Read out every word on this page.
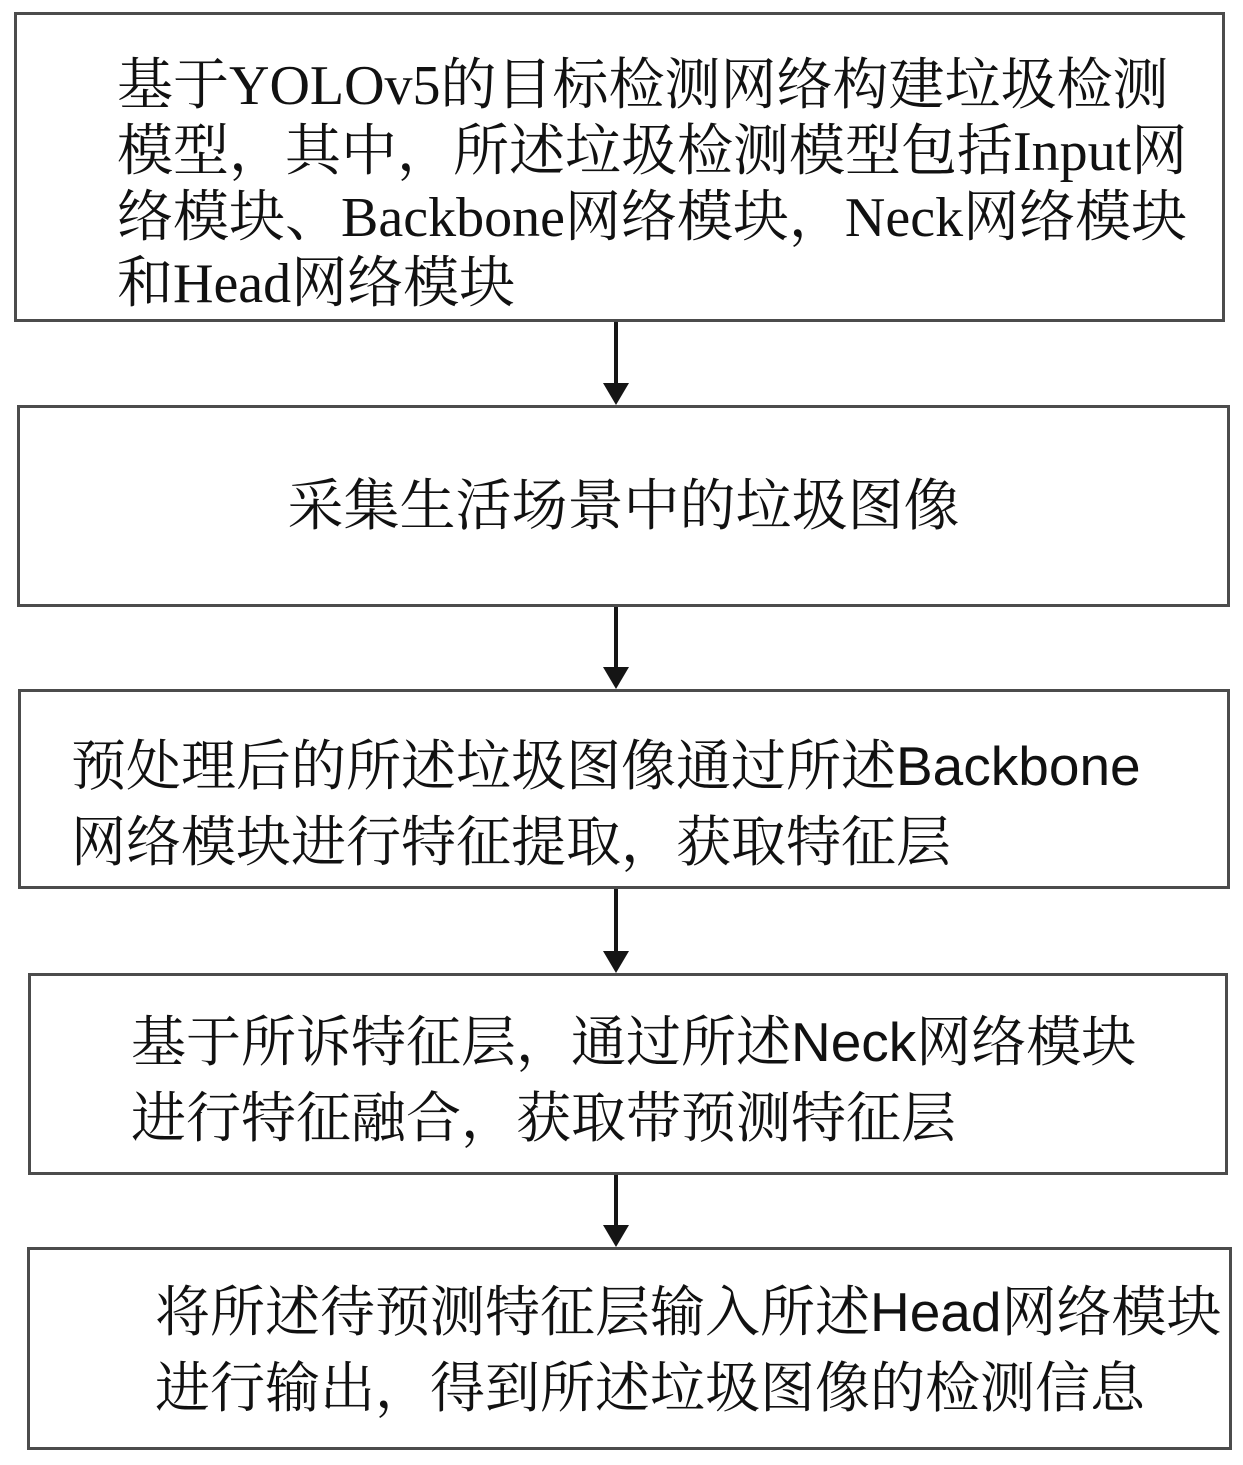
基于YOLOv5的目标检测网络构建垃圾检测
模型，其中，所述垃圾检测模型包括Input网
络模块、Backbone网络模块，Neck网络模块
和Head网络模块
采集生活场景中的垃圾图像
预处理后的所述垃圾图像通过所述Backbone
网络模块进行特征提取，获取特征层
基于所诉特征层，通过所述Neck网络模块
进行特征融合，获取带预测特征层
将所述待预测特征层输入所述Head网络模块
进行输出，得到所述垃圾图像的检测信息
